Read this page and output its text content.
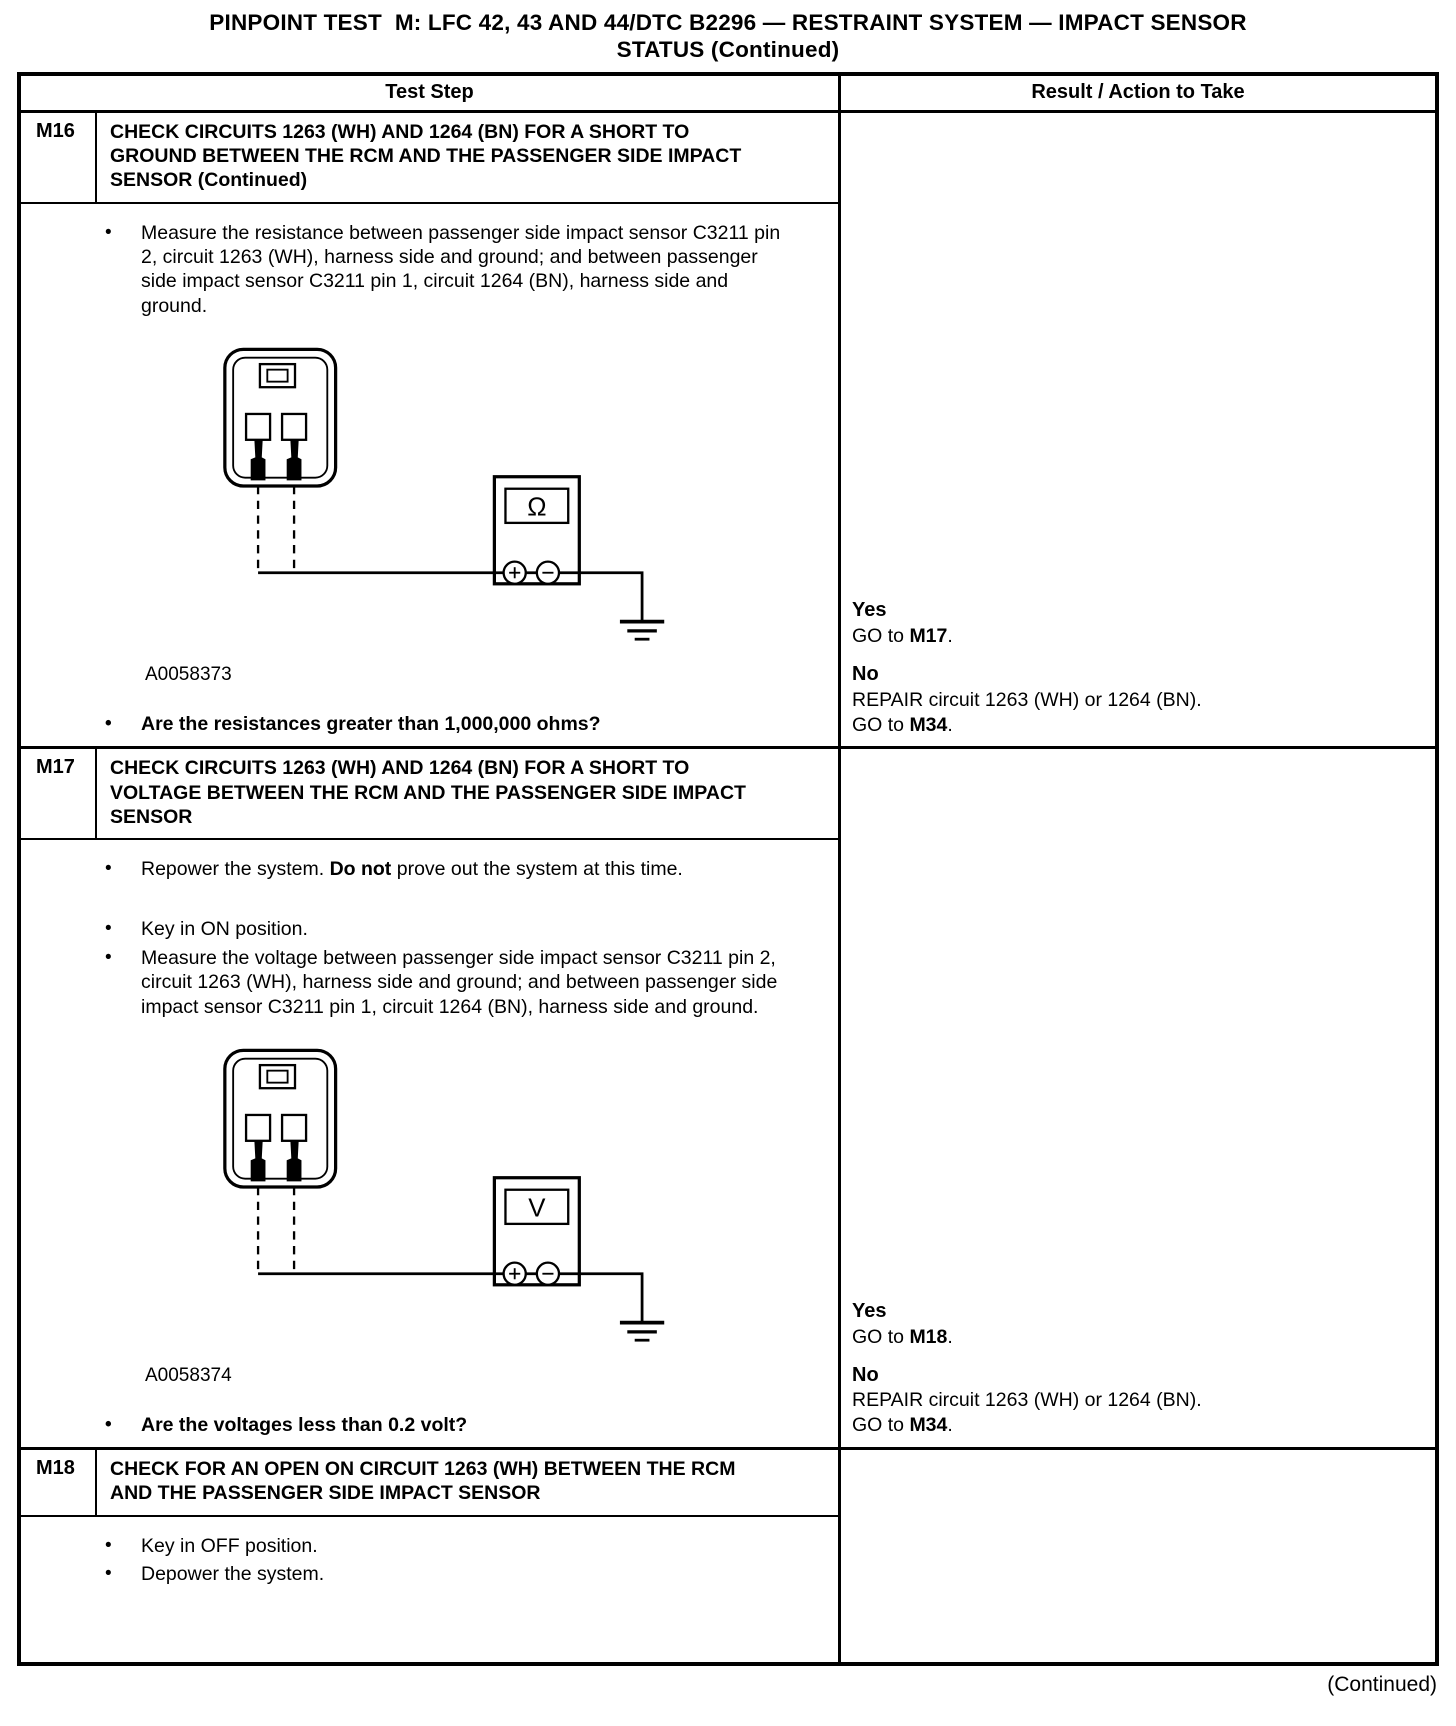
PINPOINT TEST  M: LFC 42, 43 AND 44/DTC B2296 — RESTRAINT SYSTEM — IMPACT SENSOR
STATUS (Continued)
Test Step	Result / Action to Take
M16	CHECK CIRCUITS 1263 (WH) AND 1264 (BN) FOR A SHORT TO GROUND BETWEEN THE RCM AND THE PASSENGER SIDE IMPACT SENSOR (Continued)
•	Measure the resistance between passenger side impact sensor C3211 pin 2, circuit 1263 (WH), harness side and ground; and between passenger side impact sensor C3211 pin 1, circuit 1264 (BN), harness side and ground.
Ω
A0058373
•	Are the resistances greater than 1,000,000 ohms?
Yes
GO to M17.
No
REPAIR circuit 1263 (WH) or 1264 (BN).
GO to M34.
M17	CHECK CIRCUITS 1263 (WH) AND 1264 (BN) FOR A SHORT TO VOLTAGE BETWEEN THE RCM AND THE PASSENGER SIDE IMPACT SENSOR
•	Repower the system. Do not prove out the system at this time.
•	Key in ON position.
•	Measure the voltage between passenger side impact sensor C3211 pin 2, circuit 1263 (WH), harness side and ground; and between passenger side impact sensor C3211 pin 1, circuit 1264 (BN), harness side and ground.
V
A0058374
•	Are the voltages less than 0.2 volt?
Yes
GO to M18.
No
REPAIR circuit 1263 (WH) or 1264 (BN).
GO to M34.
M18	CHECK FOR AN OPEN ON CIRCUIT 1263 (WH) BETWEEN THE RCM AND THE PASSENGER SIDE IMPACT SENSOR
•	Key in OFF position.
•	Depower the system.
(Continued)
